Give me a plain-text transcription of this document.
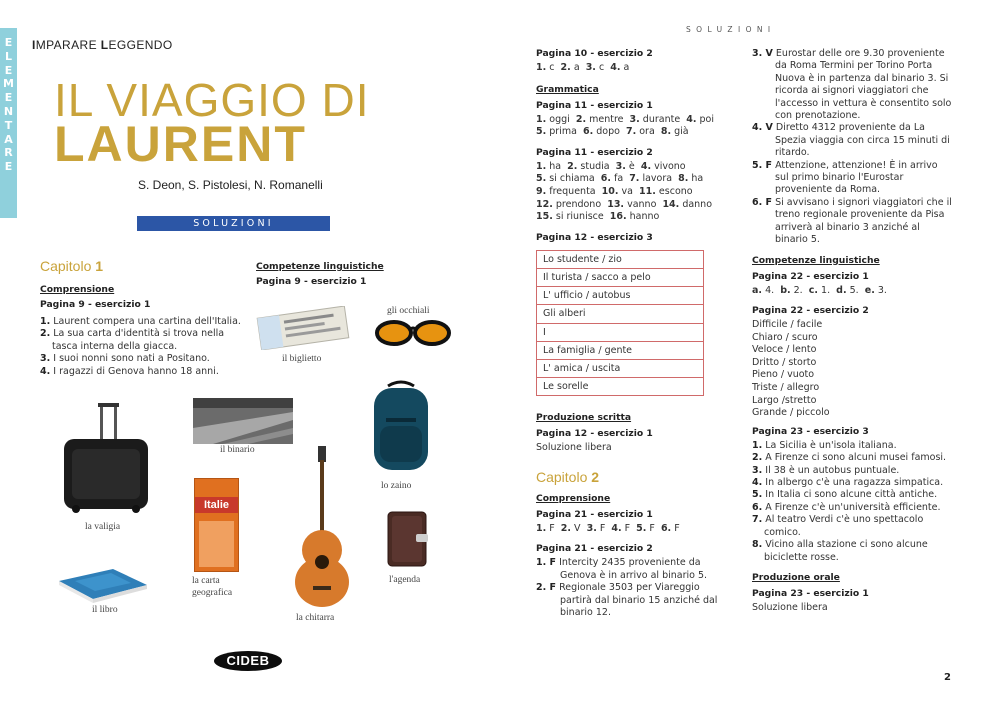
E
L
E
M
E
N
T
A
R
E
IMPARARE LEGGENDO
IL VIAGGIO DI
LAURENT
S. Deon, S. Pistolesi, N. Romanelli
SOLUZIONI
Capitolo 1
Comprensione
Pagina 9 - esercizio 1
1. Laurent compera una cartina dell'Italia.
2. La sua carta d'identità si trova nella tasca interna della giacca.
3. I suoi nonni sono nati a Positano.
4. I ragazzi di Genova hanno 18 anni.
Competenze linguistiche
Pagina 9 - esercizio 1
il biglietto
gli occhiali
il binario
lo zaino
la valigia
Italie
la carta
geografica
la chitarra
l'agenda
il libro
CIDEB
SOLUZIONI
Pagina 10 - esercizio 2
1. c 2. a 3. c 4. a
Grammatica
Pagina 11 - esercizio 1
1. oggi 2. mentre 3. durante 4. poi
5. prima 6. dopo 7. ora 8. già
Pagina 11 - esercizio 2
1. ha 2. studia 3. è 4. vivono
5. si chiama 6. fa 7. lavora 8. ha
9. frequenta 10. va 11. escono
12. prendono 13. vanno 14. danno
15. si riunisce 16. hanno
Pagina 12 - esercizio 3
Lo studente / zio
Il turista / sacco a pelo
L' ufficio / autobus
Gli alberi
I
La famiglia / gente
L' amica / uscita
Le sorelle
Produzione scritta
Pagina 12 - esercizio 1
Soluzione libera
Capitolo 2
Comprensione
Pagina 21 - esercizio 1
1. F 2. V 3. F 4. F 5. F 6. F
Pagina 21 - esercizio 2
1. F Intercity 2435 proveniente da Genova è in arrivo al binario 5.
2. F Regionale 3503 per Viareggio partirà dal binario 15 anziché dal binario 12.
3. V Eurostar delle ore 9.30 proveniente da Roma Termini per Torino Porta Nuova è in partenza dal binario 3. Si ricorda ai signori viaggiatori che l'accesso in vettura è consentito solo con prenotazione.
4. V Diretto 4312 proveniente da La Spezia viaggia con circa 15 minuti di ritardo.
5. F Attenzione, attenzione! È in arrivo sul primo binario l'Eurostar proveniente da Roma.
6. F Si avvisano i signori viaggiatori che il treno regionale proveniente da Pisa arriverà al binario 3 anziché al binario 5.
Competenze linguistiche
Pagina 22 - esercizio 1
a. 4. b. 2. c. 1. d. 5. e. 3.
Pagina 22 - esercizio 2
Difficile / facile
Chiaro / scuro
Veloce / lento
Dritto / storto
Pieno / vuoto
Triste / allegro
Largo /stretto
Grande / piccolo
Pagina 23 - esercizio 3
1. La Sicilia è un'isola italiana.
2. A Firenze ci sono alcuni musei famosi.
3. Il 38 è un autobus puntuale.
4. In albergo c'è una ragazza simpatica.
5. In Italia ci sono alcune città antiche.
6. A Firenze c'è un'università efficiente.
7. Al teatro Verdi c'è uno spettacolo comico.
8. Vicino alla stazione ci sono alcune biciclette rosse.
Produzione orale
Pagina 23 - esercizio 1
Soluzione libera
2
